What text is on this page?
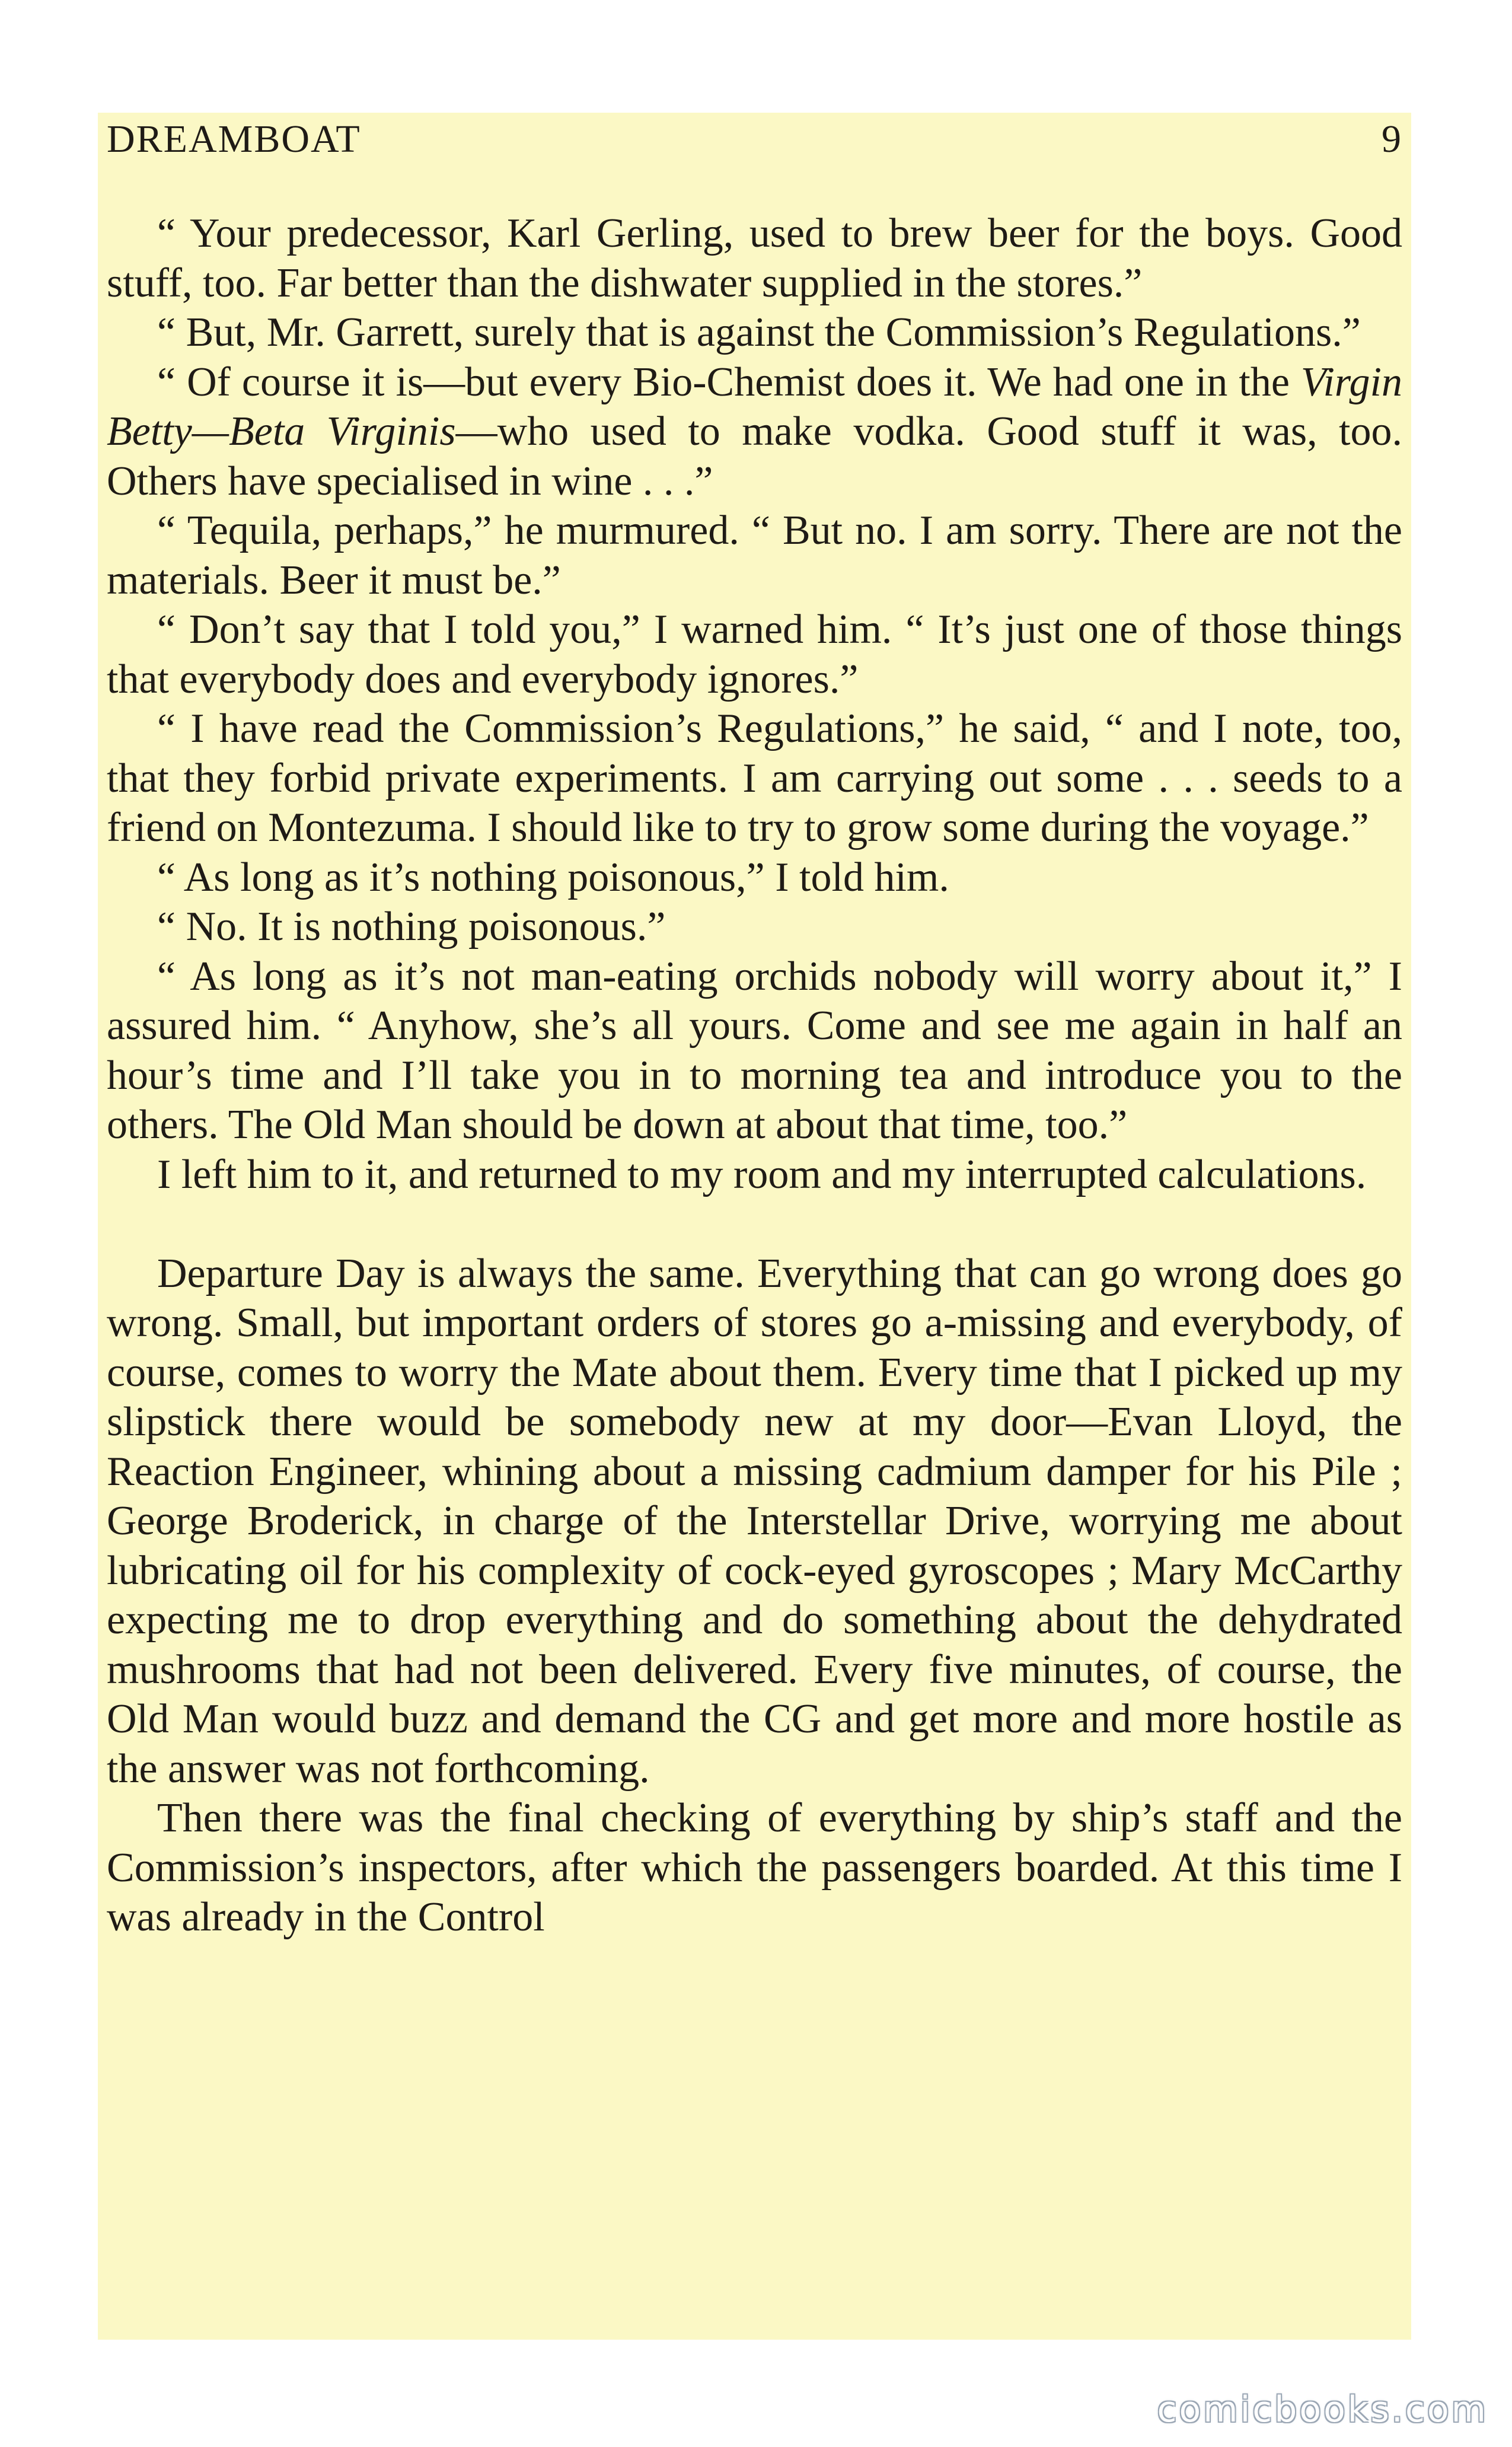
DREAMBOAT	9

“ Your predecessor, Karl Gerling, used to brew beer for the boys. Good stuff, too. Far better than the dishwater supplied in the stores.”

“ But, Mr. Garrett, surely that is against the Commission’s Regulations.”

“ Of course it is—but every Bio-Chemist does it. We had one in the Virgin Betty—Beta Virginis—who used to make vodka. Good stuff it was, too. Others have specialised in wine . . .”

“ Tequila, perhaps,” he murmured. “ But no. I am sorry. There are not the materials. Beer it must be.”

“ Don’t say that I told you,” I warned him. “ It’s just one of those things that everybody does and everybody ignores.”

“ I have read the Commission’s Regulations,” he said, “ and I note, too, that they forbid private experiments. I am carrying out some . . . seeds to a friend on Montezuma. I should like to try to grow some during the voyage.”

“ As long as it’s nothing poisonous,” I told him.

“ No. It is nothing poisonous.”

“ As long as it’s not man-eating orchids nobody will worry about it,” I assured him. “ Anyhow, she’s all yours. Come and see me again in half an hour’s time and I’ll take you in to morning tea and introduce you to the others. The Old Man should be down at about that time, too.”

I left him to it, and returned to my room and my interrupted calculations.

Departure Day is always the same. Everything that can go wrong does go wrong. Small, but important orders of stores go a-missing and everybody, of course, comes to worry the Mate about them. Every time that I picked up my slipstick there would be somebody new at my door—Evan Lloyd, the Reaction Engineer, whining about a missing cadmium damper for his Pile ; George Broderick, in charge of the Interstellar Drive, worrying me about lubricating oil for his complexity of cock-eyed gyroscopes ; Mary McCarthy expecting me to drop everything and do something about the dehydrated mushrooms that had not been delivered. Every five minutes, of course, the Old Man would buzz and demand the CG and get more and more hostile as the answer was not forthcoming.

Then there was the final checking of everything by ship’s staff and the Commission’s inspectors, after which the passengers boarded. At this time I was already in the Control

comicbooks.com
